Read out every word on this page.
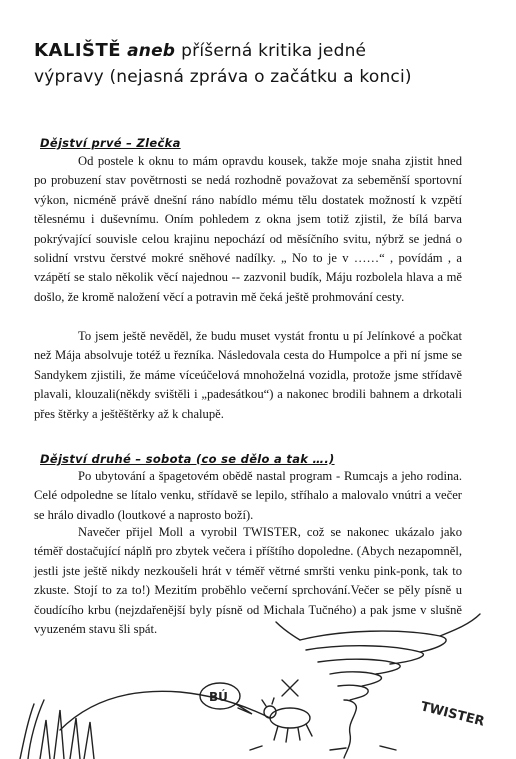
KALIŠTĚ aneb příšerná kritika jedné
výpravy (nejasná zpráva o začátku a konci)
Dějství prvé – Zlečka
Od postele k oknu to mám opravdu kousek, takže moje snaha zjistit hned po probuzení stav povětrnosti se nedá rozhodně považovat za sebeměnší sportovní výkon, nicméně právě dnešní ráno nabídlo mému tělu dostatek možností k vzpětí tělesnému i duševnímu. Oním pohledem z okna jsem totiž zjistil, že bílá barva pokrývající souvisle celou krajinu nepochází od měsíčního svitu, nýbrž se jedná o solidní vrstvu čerstvé mokré sněhové nadílky. „ No to je v ……“ , povídám , a vzápětí se stalo několik věcí najednou -- zazvonil budík, Máju rozbolela hlava a mě došlo, že kromě naložení věcí a potravin mě čeká ještě prohmování cesty.
To jsem ještě nevěděl, že budu muset vystát frontu u pí Jelínkové a počkat než Mája absolvuje totéž u řezníka. Následovala cesta do Humpolce a při ní jsme se Sandykem zjistili, že máme víceúčelová mnohoželná vozidla, protože jsme střídavě plavali, klouzali(někdy svištěli i „padesátkou“) a nakonec brodili bahnem a drkotali přes štěrky a ještěštěrky až k chalupě.
Dějství druhé – sobota (co se dělo a tak ….)
Po ubytování a špagetovém obědě nastal program - Rumcajs a jeho rodina. Celé odpoledne se lítalo venku, střídavě se lepilo, stříhalo a malovalo vnútri a večer se hrálo divadlo (loutkové a naprosto boží).
Navečer přijel Moll a vyrobil TWISTER, což se nakonec ukázalo jako téměř dostačující náplň pro zbytek večera i příštího dopoledne. (Abych nezapomněl, jestli jste ještě nikdy nezkoušeli hrát v téměř větrné smršti venku pink-ponk, tak to zkuste. Stojí to za to!) Mezitím proběhlo večerní sprchování.Večer se pěly písně u čoudícího krbu (nejzdařenější byly písně od Michala Tučného) a pak jsme v slušně vyuzeném stavu šli spát.
BÚ
TWISTER
